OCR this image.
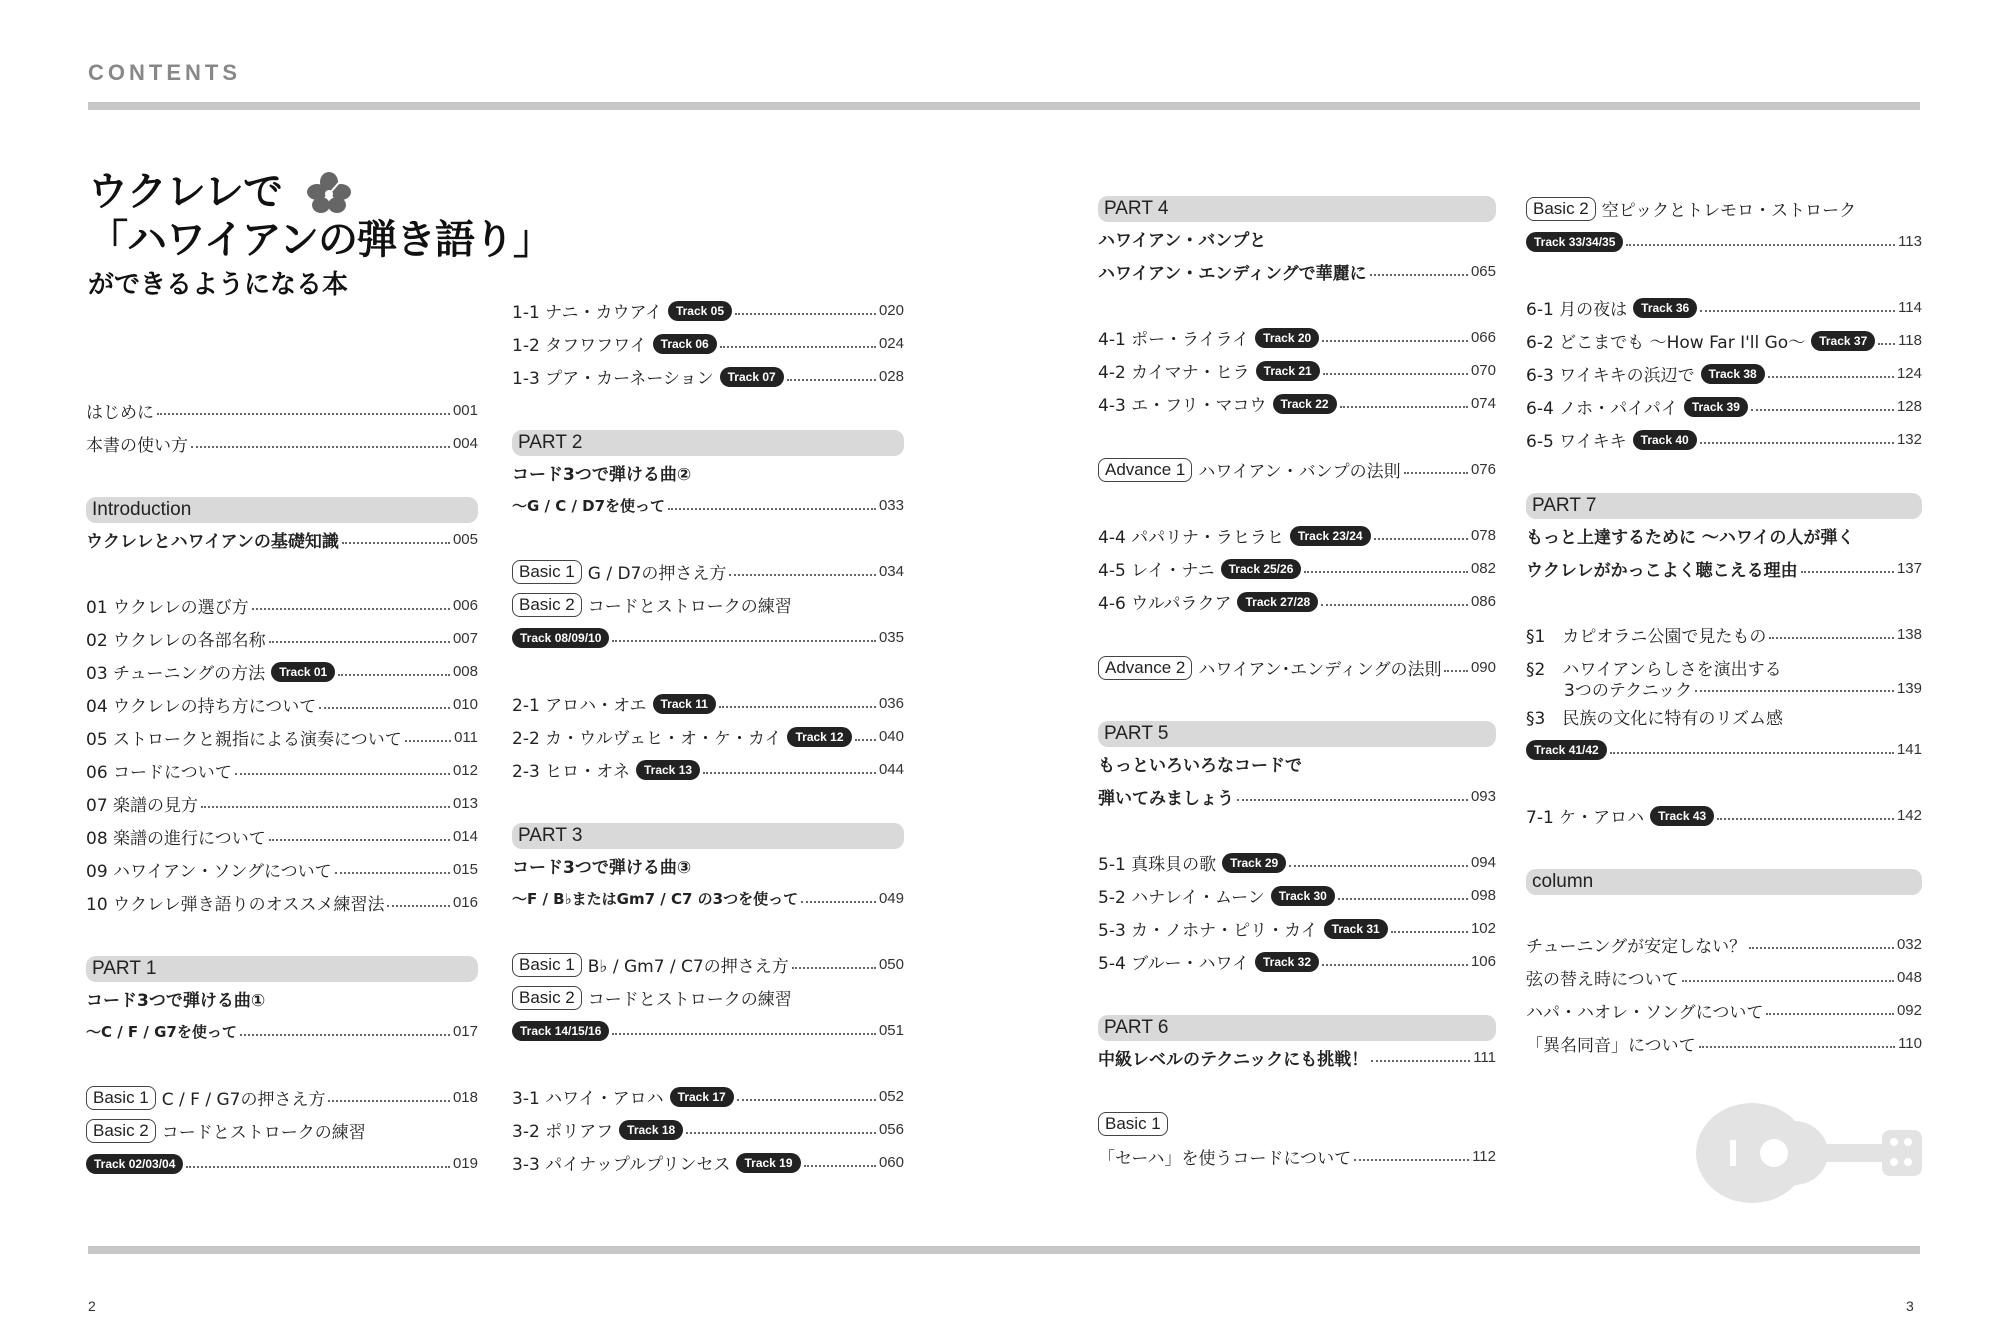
CONTENTS
2	3
ウクレレで
「ハワイアンの弾き語り」
ができるようになる本
はじめに	001
本書の使い方	004
Introduction
ウクレレとハワイアンの基礎知識	005
01 ウクレレの選び方	006
02 ウクレレの各部名称	007
03 チューニングの方法	Track 01	008
04 ウクレレの持ち方について	010
05 ストロークと親指による演奏について	011
06 コードについて	012
07 楽譜の見方	013
08 楽譜の進行について	014
09 ハワイアン・ソングについて	015
10 ウクレレ弾き語りのオススメ練習法	016
PART 1
コード3つで弾ける曲①
～C / F / G7を使って	017
Basic 1 C / F / G7の押さえ方	018
Basic 2 コードとストロークの練習
Track 02/03/04	019
1-1 ナニ・カウアイ	Track 05	020
1-2 タフワフワイ	Track 06	024
1-3 プア・カーネーション	Track 07	028
PART 2
コード3つで弾ける曲②
～G / C / D7を使って	033
Basic 1 G / D7の押さえ方	034
Basic 2 コードとストロークの練習
Track 08/09/10	035
2-1 アロハ・オエ	Track 11	036
2-2 カ・ウルヴェヒ・オ・ケ・カイ	Track 12	040
2-3 ヒロ・オネ	Track 13	044
PART 3
コード3つで弾ける曲③
～F / B♭またはGm7 / C7 の3つを使って	049
Basic 1 B♭ / Gm7 / C7の押さえ方	050
Basic 2 コードとストロークの練習
Track 14/15/16	051
3-1 ハワイ・アロハ	Track 17	052
3-2 ポリアフ	Track 18	056
3-3 パイナップルプリンセス	Track 19	060
PART 4
ハワイアン・バンプと
ハワイアン・エンディングで華麗に	065
4-1 ポー・ライライ	Track 20	066
4-2 カイマナ・ヒラ	Track 21	070
4-3 エ・フリ・マコウ	Track 22	074
Advance 1 ハワイアン・バンプの法則	076
4-4 パパリナ・ラヒラヒ	Track 23/24	078
4-5 レイ・ナニ	Track 25/26	082
4-6 ウルパラクア	Track 27/28	086
Advance 2 ハワイアン･エンディングの法則 090
PART 5
もっといろいろなコードで
弾いてみましょう	093
5-1 真珠貝の歌	Track 29	094
5-2 ハナレイ・ムーン	Track 30	098
5-3 カ・ノホナ・ピリ・カイ	Track 31	102
5-4 ブルー・ハワイ	Track 32	106
PART 6
中級レベルのテクニックにも挑戦！	111
Basic 1
「セーハ」を使うコードについて	112
Basic 2 空ピックとトレモロ・ストローク
Track 33/34/35	113
6-1 月の夜は	Track 36	114
6-2 どこまでも ～How Far I'll Go～	Track 37	118
6-3 ワイキキの浜辺で	Track 38	124
6-4 ノホ・パイパイ	Track 39	128
6-5 ワイキキ	Track 40	132
PART 7
もっと上達するために ～ハワイの人が弾く
ウクレレがかっこよく聴こえる理由	137
§1　カピオラニ公園で見たもの	138
§2　ハワイアンらしさを演出する
3つのテクニック	139
§3　民族の文化に特有のリズム感
Track 41/42	141
7-1 ケ・アロハ	Track 43	142
column
チューニングが安定しない？	032
弦の替え時について	048
ハパ・ハオレ・ソングについて	092
「異名同音」について	110
